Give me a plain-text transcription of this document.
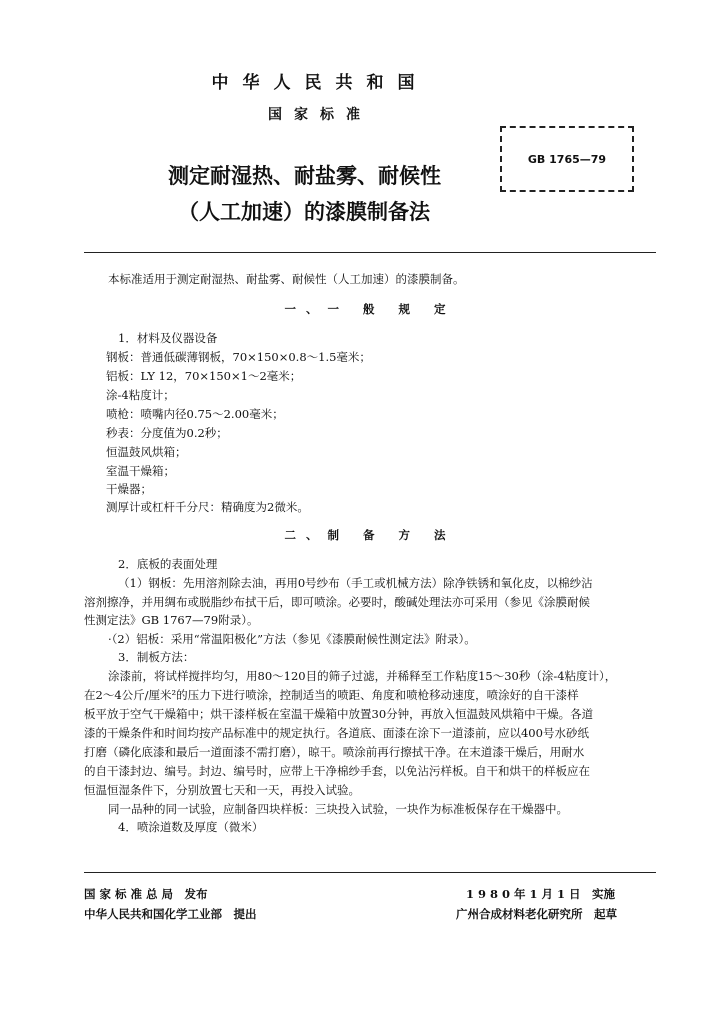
中华人民共和国
国家标准
测定耐湿热、耐盐雾、耐候性
（人工加速）的漆膜制备法
GB 1765—79
本标准适用于测定耐湿热、耐盐雾、耐候性（人工加速）的漆膜制备。
一、一 般 规 定
1．材料及仪器设备
钢板：普通低碳薄钢板，70×150×0.8～1.5毫米；
铝板：LY 12，70×150×1～2毫米；
涂-4粘度计；
喷枪：喷嘴内径0.75～2.00毫米；
秒表：分度值为0.2秒；
恒温鼓风烘箱；
室温干燥箱；
干燥器；
测厚计或杠杆千分尺：精确度为2微米。
二、制 备 方 法
2．底板的表面处理
（1）钢板：先用溶剂除去油，再用0号纱布（手工或机械方法）除净铁锈和氧化皮，以棉纱沾
溶剂擦净，并用绸布或脱脂纱布拭干后，即可喷涂。必要时，酸碱处理法亦可采用（参见《涂膜耐候
性测定法》GB 1767—79附录）。
·（2）铝板：采用“常温阳极化”方法（参见《漆膜耐候性测定法》附录）。
3．制板方法：
涂漆前，将试样搅拌均匀，用80～120目的筛子过滤，并稀释至工作粘度15～30秒（涂-4粘度计），
在2～4公斤/厘米²的压力下进行喷涂，控制适当的喷距、角度和喷枪移动速度，喷涂好的自干漆样
板平放于空气干燥箱中；烘干漆样板在室温干燥箱中放置30分钟，再放入恒温鼓风烘箱中干燥。各道
漆的干燥条件和时间均按产品标准中的规定执行。各道底、面漆在涂下一道漆前，应以400号水砂纸
打磨（磷化底漆和最后一道面漆不需打磨），晾干。喷涂前再行擦拭干净。在末道漆干燥后，用耐水
的自干漆封边、编号。封边、编号时，应带上干净棉纱手套，以免沾污样板。自干和烘干的样板应在
恒温恒湿条件下，分别放置七天和一天，再投入试验。
同一品种的同一试验，应制备四块样板：三块投入试验，一块作为标准板保存在干燥器中。
4．喷涂道数及厚度（微米）
国 家 标 准 总 局　发布
中华人民共和国化学工业部　提出
1 9 8 0 年 1 月 1 日　实施
广州合成材料老化研究所　起草
